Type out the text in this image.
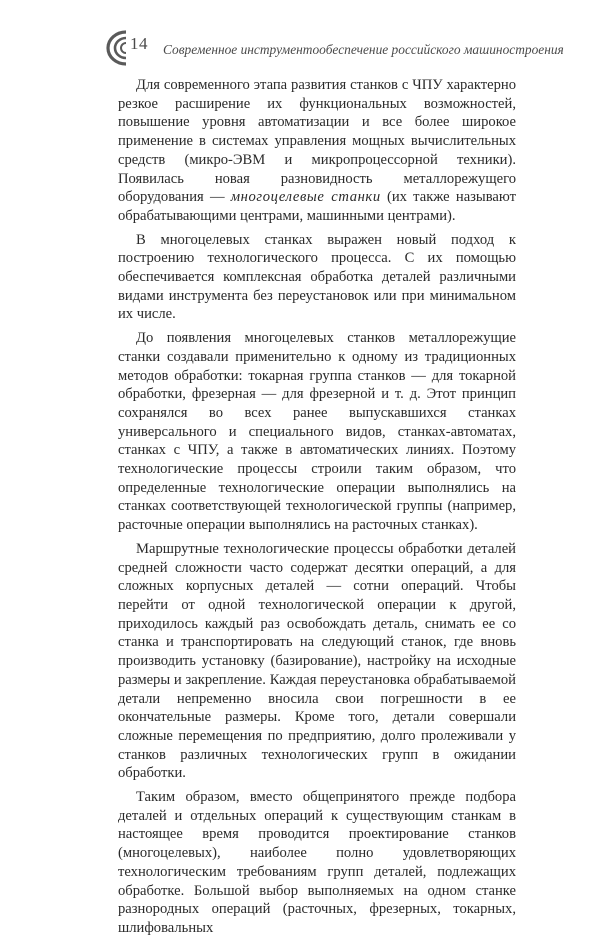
14 Современное инструментообеспечение российского машиностроения

Для современного этапа развития станков с ЧПУ характерно резкое расширение их функциональных возможностей, повышение уровня автоматизации и все более широкое применение в системах управления мощных вычислительных средств (микро-ЭВМ и микропроцессорной техники). Появилась новая разновидность металлорежущего оборудования — многоцелевые станки (их также называют обрабатывающими центрами, машинными центрами).

В многоцелевых станках выражен новый подход к построению технологического процесса. С их помощью обеспечивается комплексная обработка деталей различными видами инструмента без переустановок или при минимальном их числе.

До появления многоцелевых станков металлорежущие станки создавали применительно к одному из традиционных методов обработки: токарная группа станков — для токарной обработки, фрезерная — для фрезерной и т. д. Этот принцип сохранялся во всех ранее выпускавшихся станках универсального и специального видов, станках-автоматах, станках с ЧПУ, а также в автоматических линиях. Поэтому технологические процессы строили таким образом, что определенные технологические операции выполнялись на станках соответствующей технологической группы (например, расточные операции выполнялись на расточных станках).

Маршрутные технологические процессы обработки деталей средней сложности часто содержат десятки операций, а для сложных корпусных деталей — сотни операций. Чтобы перейти от одной технологической операции к другой, приходилось каждый раз освобождать деталь, снимать ее со станка и транспортировать на следующий станок, где вновь производить установку (базирование), настройку на исходные размеры и закрепление. Каждая переустановка обрабатываемой детали непременно вносила свои погрешности в ее окончательные размеры. Кроме того, детали совершали сложные перемещения по предприятию, долго пролеживали у станков различных технологических групп в ожидании обработки.

Таким образом, вместо общепринятого прежде подбора деталей и отдельных операций к существующим станкам в настоящее время проводится проектирование станков (многоцелевых), наиболее полно удовлетворяющих технологическим требованиям групп деталей, подлежащих обработке. Большой выбор выполняемых на одном станке разнородных операций (расточных, фрезерных, токарных, шлифовальных
